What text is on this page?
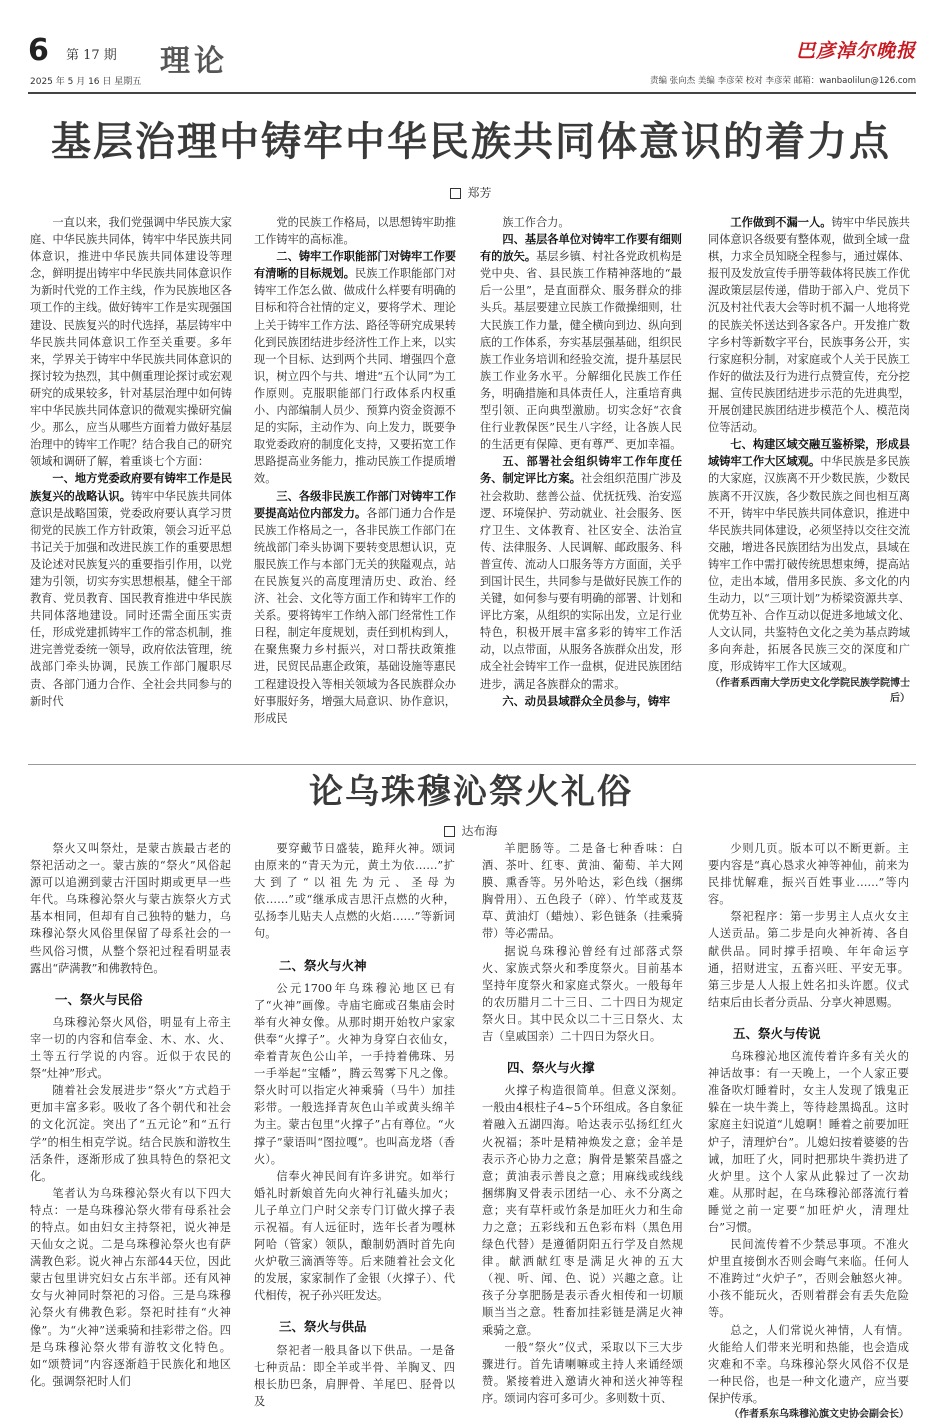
6 第 17 期
2025 年 5 月 16 日 星期五
理论	巴彦淖尔晚报
责编 张向杰 美编 李彦荣 校对 李彦荣 邮箱：wanbaolilun@126.com
基层治理中铸牢中华民族共同体意识的着力点
郑芳

一直以来，我们党强调中华民族大家庭、中华民族共同体，铸牢中华民族共同体意识，推进中华民族共同体建设等理念，鲜明提出铸牢中华民族共同体意识作为新时代党的工作主线，作为民族地区各项工作的主线。做好铸牢工作是实现强国建设、民族复兴的时代选择，基层铸牢中华民族共同体意识工作至关重要。多年来，学界关于铸牢中华民族共同体意识的探讨较为热烈，其中侧重理论探讨或宏观研究的成果较多，针对基层治理中如何铸牢中华民族共同体意识的微观实操研究偏少。那么，应当从哪些方面着力做好基层治理中的铸牢工作呢？结合我自己的研究领域和调研了解，着重谈七个方面：

一、地方党委政府要有铸牢工作是民族复兴的战略认识。铸牢中华民族共同体意识是战略国策，党委政府要认真学习贯彻党的民族工作方针政策，领会习近平总书记关于加强和改进民族工作的重要思想及论述对民族复兴的重要指引作用，以党建为引领，切实夯实思想根基，健全干部教育、党员教育、国民教育推进中华民族共同体落地建设。同时还需全面压实责任，形成党建抓铸牢工作的常态机制，推进完善党委统一领导，政府依法管理，统战部门牵头协调，民族工作部门履职尽责、各部门通力合作、全社会共同参与的新时代

党的民族工作格局，以思想铸牢助推工作铸牢的高标准。

二、铸牢工作职能部门对铸牢工作要有清晰的目标规划。民族工作职能部门对铸牢工作怎么做、做成什么样要有明确的目标和符合社情的定义，要将学术、理论上关于铸牢工作方法、路径等研究成果转化到民族团结进步经济性工作上来，以实现一个目标、达到两个共同、增强四个意识，树立四个与共、增进“五个认同”为工作原则。克服职能部门行政体系内权重小、内部编制人员少、预算内资金资源不足的实际，主动作为、向上发力，既要争取党委政府的制度化支持，又要拓宽工作思路提高业务能力，推动民族工作提质增效。

三、各级非民族工作部门对铸牢工作要提高站位内部发力。各部门通力合作是民族工作格局之一，各非民族工作部门在统战部门牵头协调下要转变思想认识，克服民族工作与本部门无关的狭隘观点，站在民族复兴的高度理清历史、政治、经济、社会、文化等方面工作和铸牢工作的关系。要将铸牢工作纳入部门经常性工作日程，制定年度规划，责任到机构到人，在聚焦聚力乡村振兴，对口帮扶政策推进，民贸民品惠企政策，基础设施等惠民工程建设投入等相关领域为各民族群众办好事服好务，增强大局意识、协作意识，形成民

族工作合力。

四、基层各单位对铸牢工作要有细则有的放矢。基层乡镇、村社各党政机构是党中央、省、县民族工作精神落地的“最后一公里”，是直面群众、服务群众的排头兵。基层要建立民族工作微操细则，壮大民族工作力量，健全横向到边、纵向到底的工作体系，夯实基层强基础，组织民族工作业务培训和经验交流，提升基层民族工作业务水平。分解细化民族工作任务，明确措施和具体责任人，注重培育典型引领、正向典型激励。切实念好“衣食住行业教保医”民生八字经，让各族人民的生活更有保障、更有尊严、更加幸福。

五、部署社会组织铸牢工作年度任务、制定评比方案。社会组织范围广涉及社会救助、慈善公益、优抚抚残、治安巡逻、环境保护、劳动就业、社会服务、医疗卫生、文体教育、社区安全、法治宣传、法律服务、人民调解、邮政服务、科普宣传、流动人口服务等方方面面，关乎到国计民生，共同参与是做好民族工作的关键，如何参与要有明确的部署、计划和评比方案，从组织的实际出发，立足行业特色，积极开展丰富多彩的铸牢工作活动，以点带面，从服务各族群众出发，形成全社会铸牢工作一盘棋，促进民族团结进步，满足各族群众的需求。

六、动员县域群众全员参与，铸牢

工作做到不漏一人。铸牢中华民族共同体意识各级要有整体观，做到全域一盘棋，力求全员知晓全程参与，通过媒体、报刊及发放宣传手册等载体将民族工作优渥政策层层传递，借助于部入户、党员下沉及村社代表大会等时机不漏一人地将党的民族关怀送达到各家各户。开发推广数字乡村等新数字平台，民族事务公开，实行家庭积分制，对家庭或个人关于民族工作好的做法及行为进行点赞宣传，充分挖掘、宣传民族团结进步示范的先进典型，开展创建民族团结进步模范个人、模范岗位等活动。

七、构建区域交融互鉴桥梁，形成县域铸牢工作大区域观。中华民族是多民族的大家庭，汉族离不开少数民族，少数民族离不开汉族，各少数民族之间也相互离不开，铸牢中华民族共同体意识，推进中华民族共同体建设，必须坚持以交往交流交融，增进各民族团结为出发点，县域在铸牢工作中需打破传统思想束缚，提高站位，走出本域，借用多民族、多文化的内生动力，以“三项计划”为桥梁资源共享、优势互补、合作互动以促进多地域文化、人文认同，共鉴特色文化之美为基点跨域多向奔赴，拓展各民族三交的深度和广度，形成铸牢工作大区域观。

（作者系西南大学历史文化学院民族学院博士后）

论乌珠穆沁祭火礼俗
达布海

祭火又叫祭灶，是蒙古族最古老的祭祀活动之一。蒙古族的“祭火”风俗起源可以追溯到蒙古汗国时期或更早一些年代。乌珠穆沁祭火与蒙古族祭火方式基本相同，但却有自己独特的魅力，乌珠穆沁祭火风俗里保留了母系社会的一些风俗习惯，从整个祭祀过程看明显表露出“萨满教”和佛教特色。

一、祭火与民俗

乌珠穆沁祭火风俗，明显有上帝主宰一切的内容和信奉金、木、水、火、土等五行学说的内容。近似于农民的祭“灶神”形式。

随着社会发展进步“祭火”方式趋于更加丰富多彩。吸收了各个朝代和社会的文化沉淀。突出了“五元论”和“五行学”的相生相克学说。结合民族和游牧生活条件，逐渐形成了独具特色的祭祀文化。

笔者认为乌珠穆沁祭火有以下四大特点：一是乌珠穆沁祭火带有母系社会的特点。如由妇女主持祭祀，说火神是天仙女之说。二是乌珠穆沁祭火也有萨满教色彩。说火神占东部44天位，因此蒙古包里讲究妇女占东半部。还有风神女与火神同时祭祀的习俗。三是乌珠穆沁祭火有佛教色彩。祭祀时挂有“火神像”。为“火神”送乘骑和挂彩带之俗。四是乌珠穆沁祭火带有游牧文化特色。如“颂赞词”内容逐渐趋于民族化和地区化。强调祭祀时人们

要穿戴节日盛装，跪拜火神。颂词由原来的“青天为元，黄土为依……”扩大到了“以祖先为元、圣母为依……”或“继承成吉思汗点燃的火种，弘扬李儿贴夫人点燃的火焰……”等新词句。

二、祭火与火神

公元1700年乌珠穆沁地区已有了“火神”画像。寺庙宅廊或召集庙会时举有火神女像。从那时期开始牧户家家供奉“火撑子”。火神为身穿白衣仙女，牵着青灰色公山羊，一手持着佛珠、另一手举起“宝幡”，腾云驾雾下凡之像。祭火时可以指定火神乘骑（马牛）加挂彩带。一般选择青灰色山羊或黄头绵羊为主。蒙古包里“火撑子”占有尊位。“火撑子”蒙语叫“图拉嘎”。也叫高龙塔（香火）。

信奉火神民间有许多讲究。如举行婚礼时新娘首先向火神行礼磕头加火；儿子单立门户时父亲专门订做火撑子表示祝福。有人远征时，选年长者为嘎林阿哈（管家）领队，酿制奶酒时首先向火炉敬三滴酒等等。后来随着社会文化的发展，家家制作了金银（火撑子）、代代相传，祝子孙兴旺发达。

三、祭火与供品

祭祀者一般具备以下供品。一是备七种贡品：即全羊或半骨、羊胸叉、四根长肋巴条，肩胛骨、羊尾巴、胫骨以及

羊肥肠等。二是备七种香味：白酒、茶叶、红枣、黄油、葡萄、羊大网膜、熏香等。另外哈达，彩色线（捆绑胸骨用）、五色段子（碎）、竹竿或芨芨草、黄油灯（蜡烛）、彩色链条（挂乘骑带）等必需品。

据说乌珠穆沁曾经有过部落式祭火、家族式祭火和季度祭火。目前基本坚持年度祭火和家庭式祭火。一般每年的农历腊月二十三日、二十四日为规定祭火日。其中民众以二十三日祭火、太吉（皇戚国亲）二十四日为祭火日。

四、祭火与火撑

火撑子构造很简单。但意义深刻。一般由4根柱子4~5个环组成。各自象征着融入五湖四海。哈达表示弘扬红红火火祝福；茶叶是精神焕发之意；金羊是表示齐心协力之意；胸骨是繁荣昌盛之意；黄油表示善良之意；用麻线或线线捆绑胸叉骨表示团结一心、永不分离之意；夹有草杆或竹条是加旺火力和生命力之意；五彩线和五色彩布料（黑色用绿色代替）是遵循阴阳五行学及自然规律。献洒献红枣是满足火神的五大（视、听、闻、色、说）兴趣之意。让孩子分享肥肠是表示香火相传和一切顺顺当当之意。牲畜加挂彩链是满足火神乘骑之意。

一般“祭火”仪式，采取以下三大步骤进行。首先请喇嘛或主持人来诵经颂赞。紧接着进入邀请火神和送火神等程序。颂词内容可多可少。多则数十页、

少则几页。版本可以不断更新。主要内容是“真心恳求火神等神仙，前来为民排忧解难，振兴百姓事业……”等内容。

祭祀程序：第一步男主人点火女主人送贡品。第二步是向火神祈祷、各自献供品。同时撑手招唤、年年命运亨通，招财进宝，五畜兴旺、平安无事。第三步是人人报上姓名扣头许愿。仪式结束后由长者分贡品、分享火神恩赐。

五、祭火与传说

乌珠穆沁地区流传着许多有关火的神话故事：有一天晚上，一个人家正要准备吹灯睡着时，女主人发现了饿鬼正躲在一块牛粪上，等待趁黑捣乱。这时家庭主妇说道“儿媳啊！睡着之前要加旺炉子，清理炉台”。儿媳妇按着婆婆的告诫，加旺了火，同时把那块牛粪扔进了火炉里。这个人家从此躲过了一次劫难。从那时起，在乌珠穆沁部落流行着睡觉之前一定要“加旺炉火，清理灶台”习惯。

民间流传着不少禁忌事项。不准火炉里直接倒水否则会晦气来临。任何人不准跨过“火炉子”，否则会触怒火神。小孩不能玩火，否则着群会有丢失危险等。

总之，人们常说火神情，人有情。火能给人们带来光明和热能，也会造成灾难和不幸。乌珠穆沁祭火风俗不仅是一种民俗，也是一种文化遗产，应当要保护传承。

（作者系东乌珠穆沁旗文史协会副会长）
